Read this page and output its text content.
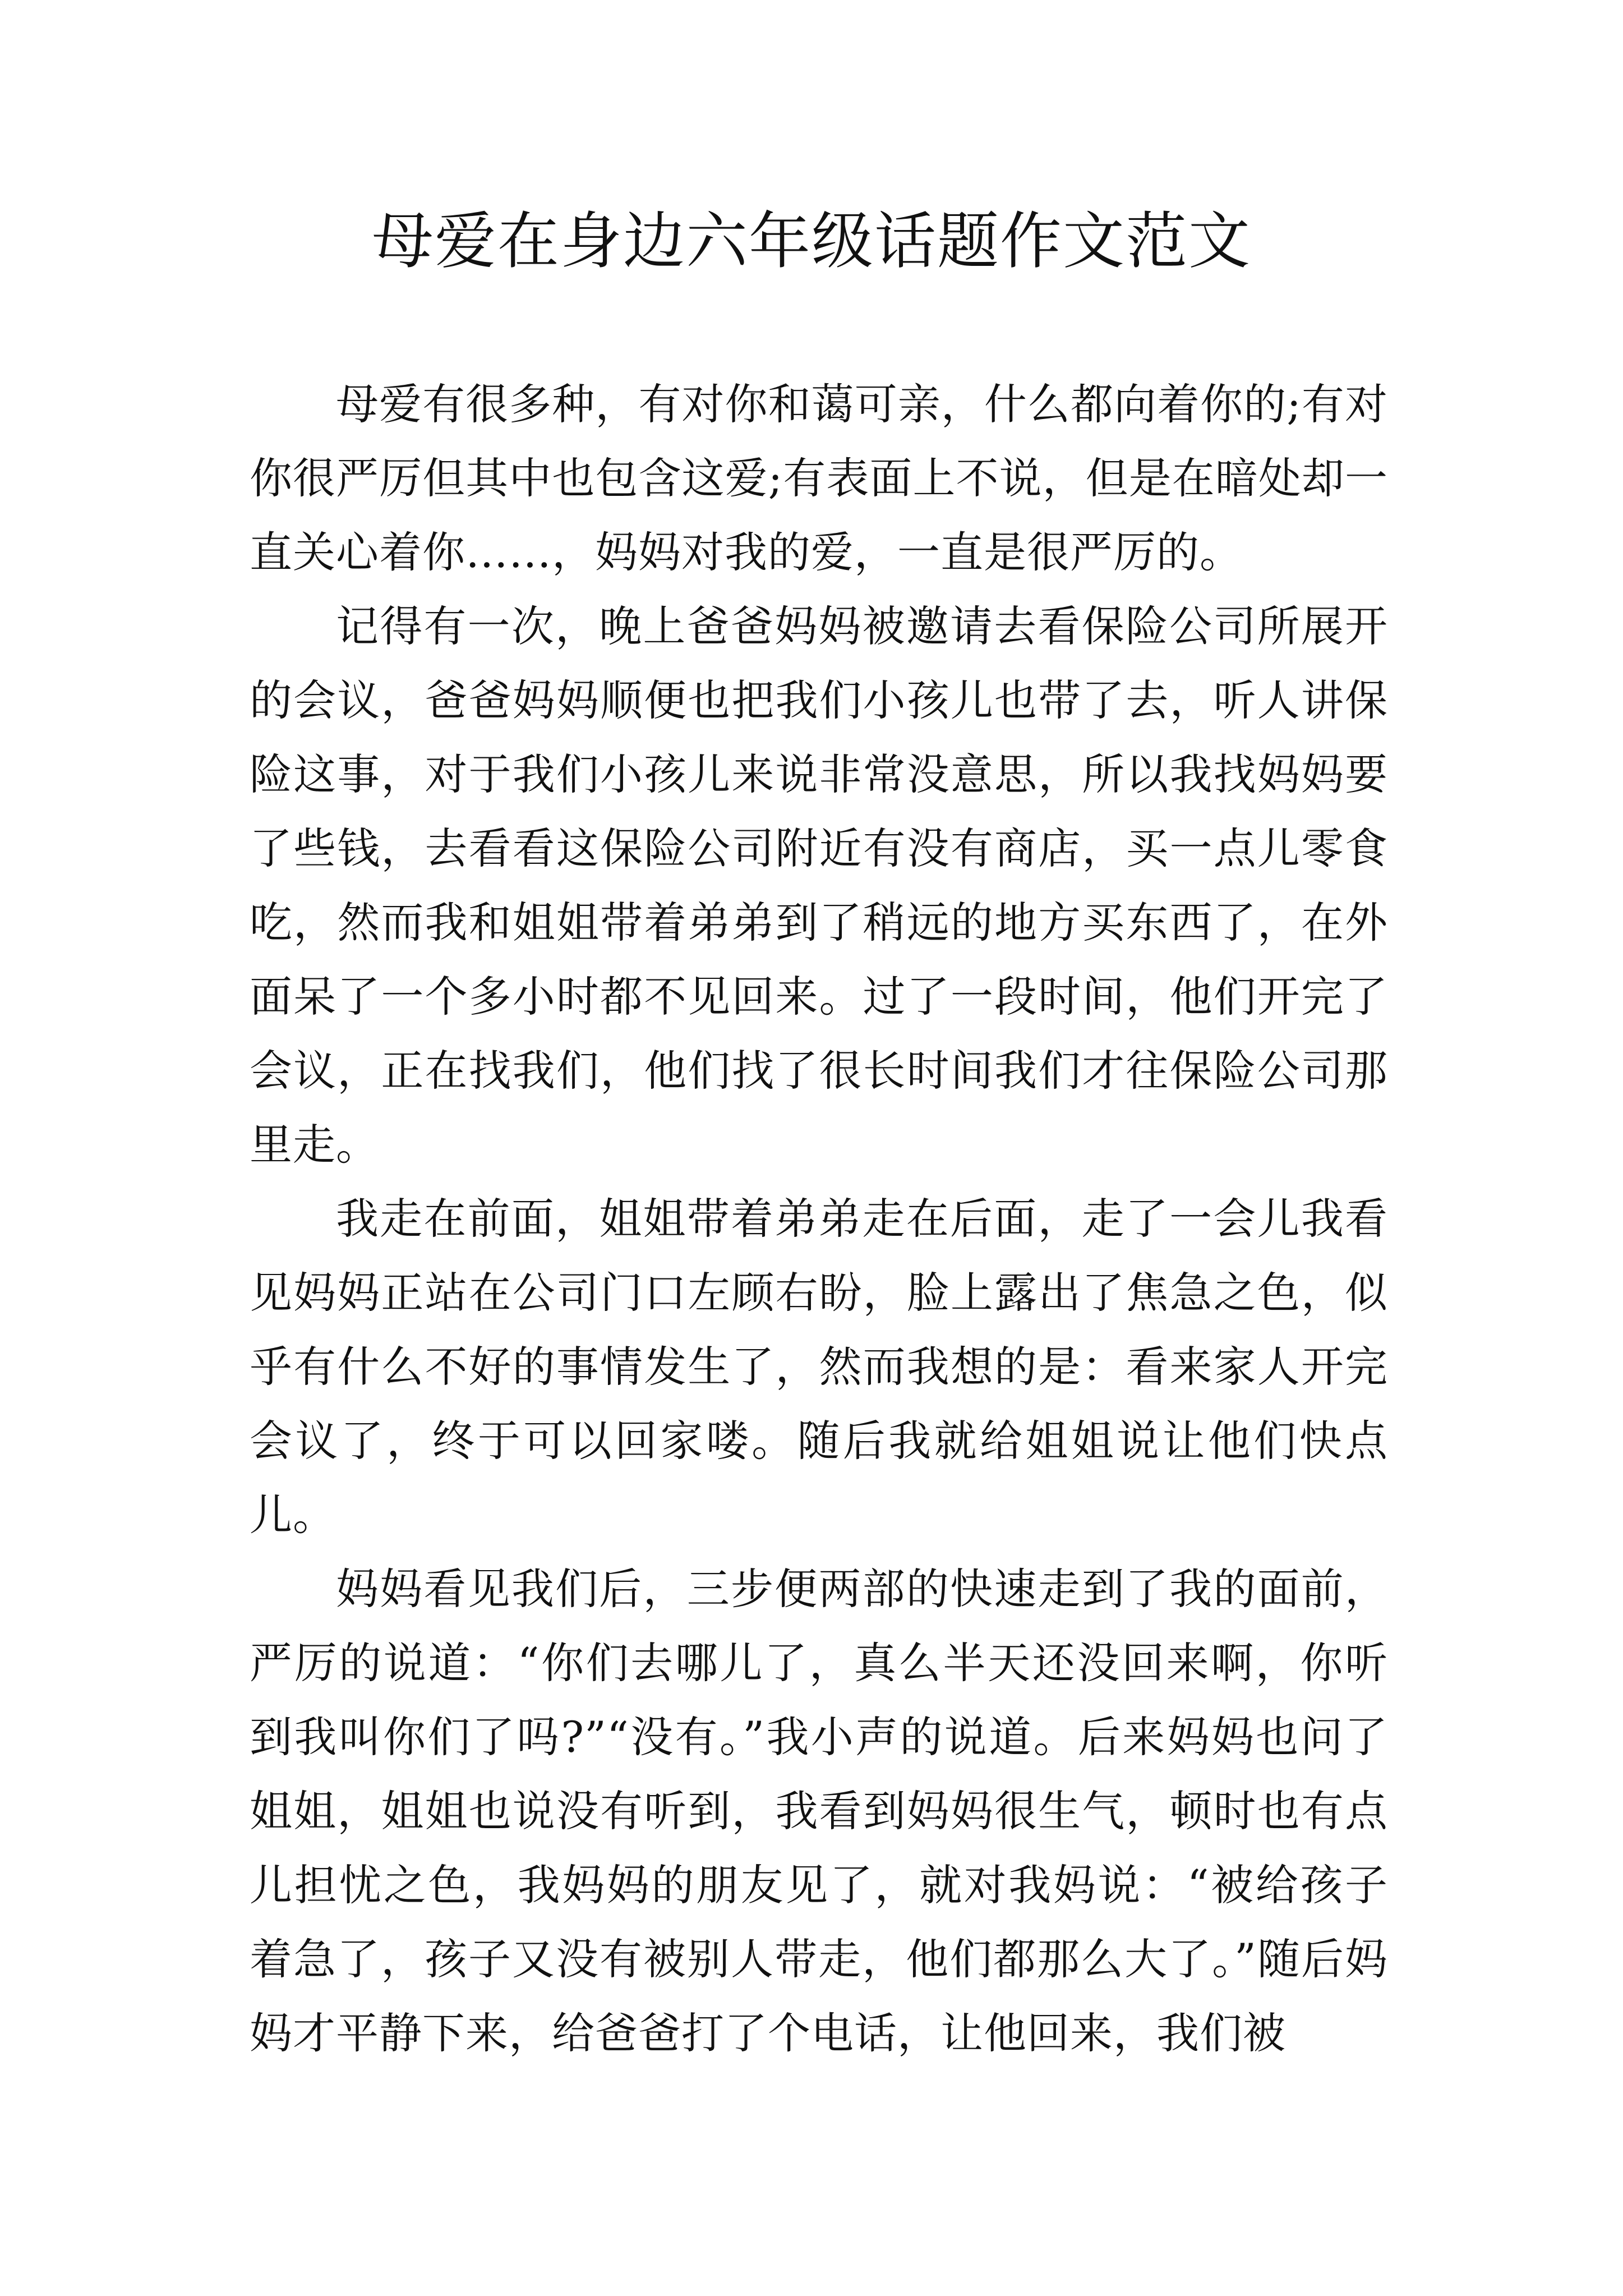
母爱在身边六年级话题作文范文

母爱有很多种，有对你和蔼可亲，什么都向着你的;有对你很严厉但其中也包含这爱;有表面上不说，但是在暗处却一直关心着你……，妈妈对我的爱，一直是很严厉的。

记得有一次，晚上爸爸妈妈被邀请去看保险公司所展开的会议，爸爸妈妈顺便也把我们小孩儿也带了去，听人讲保险这事，对于我们小孩儿来说非常没意思，所以我找妈妈要了些钱，去看看这保险公司附近有没有商店，买一点儿零食吃，然而我和姐姐带着弟弟到了稍远的地方买东西了，在外面呆了一个多小时都不见回来。过了一段时间，他们开完了会议，正在找我们，他们找了很长时间我们才往保险公司那里走。

我走在前面，姐姐带着弟弟走在后面，走了一会儿我看见妈妈正站在公司门口左顾右盼，脸上露出了焦急之色，似乎有什么不好的事情发生了，然而我想的是：看来家人开完会议了，终于可以回家喽。随后我就给姐姐说让他们快点儿。

妈妈看见我们后，三步便两部的快速走到了我的面前，严厉的说道：“你们去哪儿了，真么半天还没回来啊，你听到我叫你们了吗?”“没有。”我小声的说道。后来妈妈也问了姐姐，姐姐也说没有听到，我看到妈妈很生气，顿时也有点儿担忧之色，我妈妈的朋友见了，就对我妈说：“被给孩子着急了，孩子又没有被别人带走，他们都那么大了。”随后妈妈才平静下来，给爸爸打了个电话，让他回来，我们被
